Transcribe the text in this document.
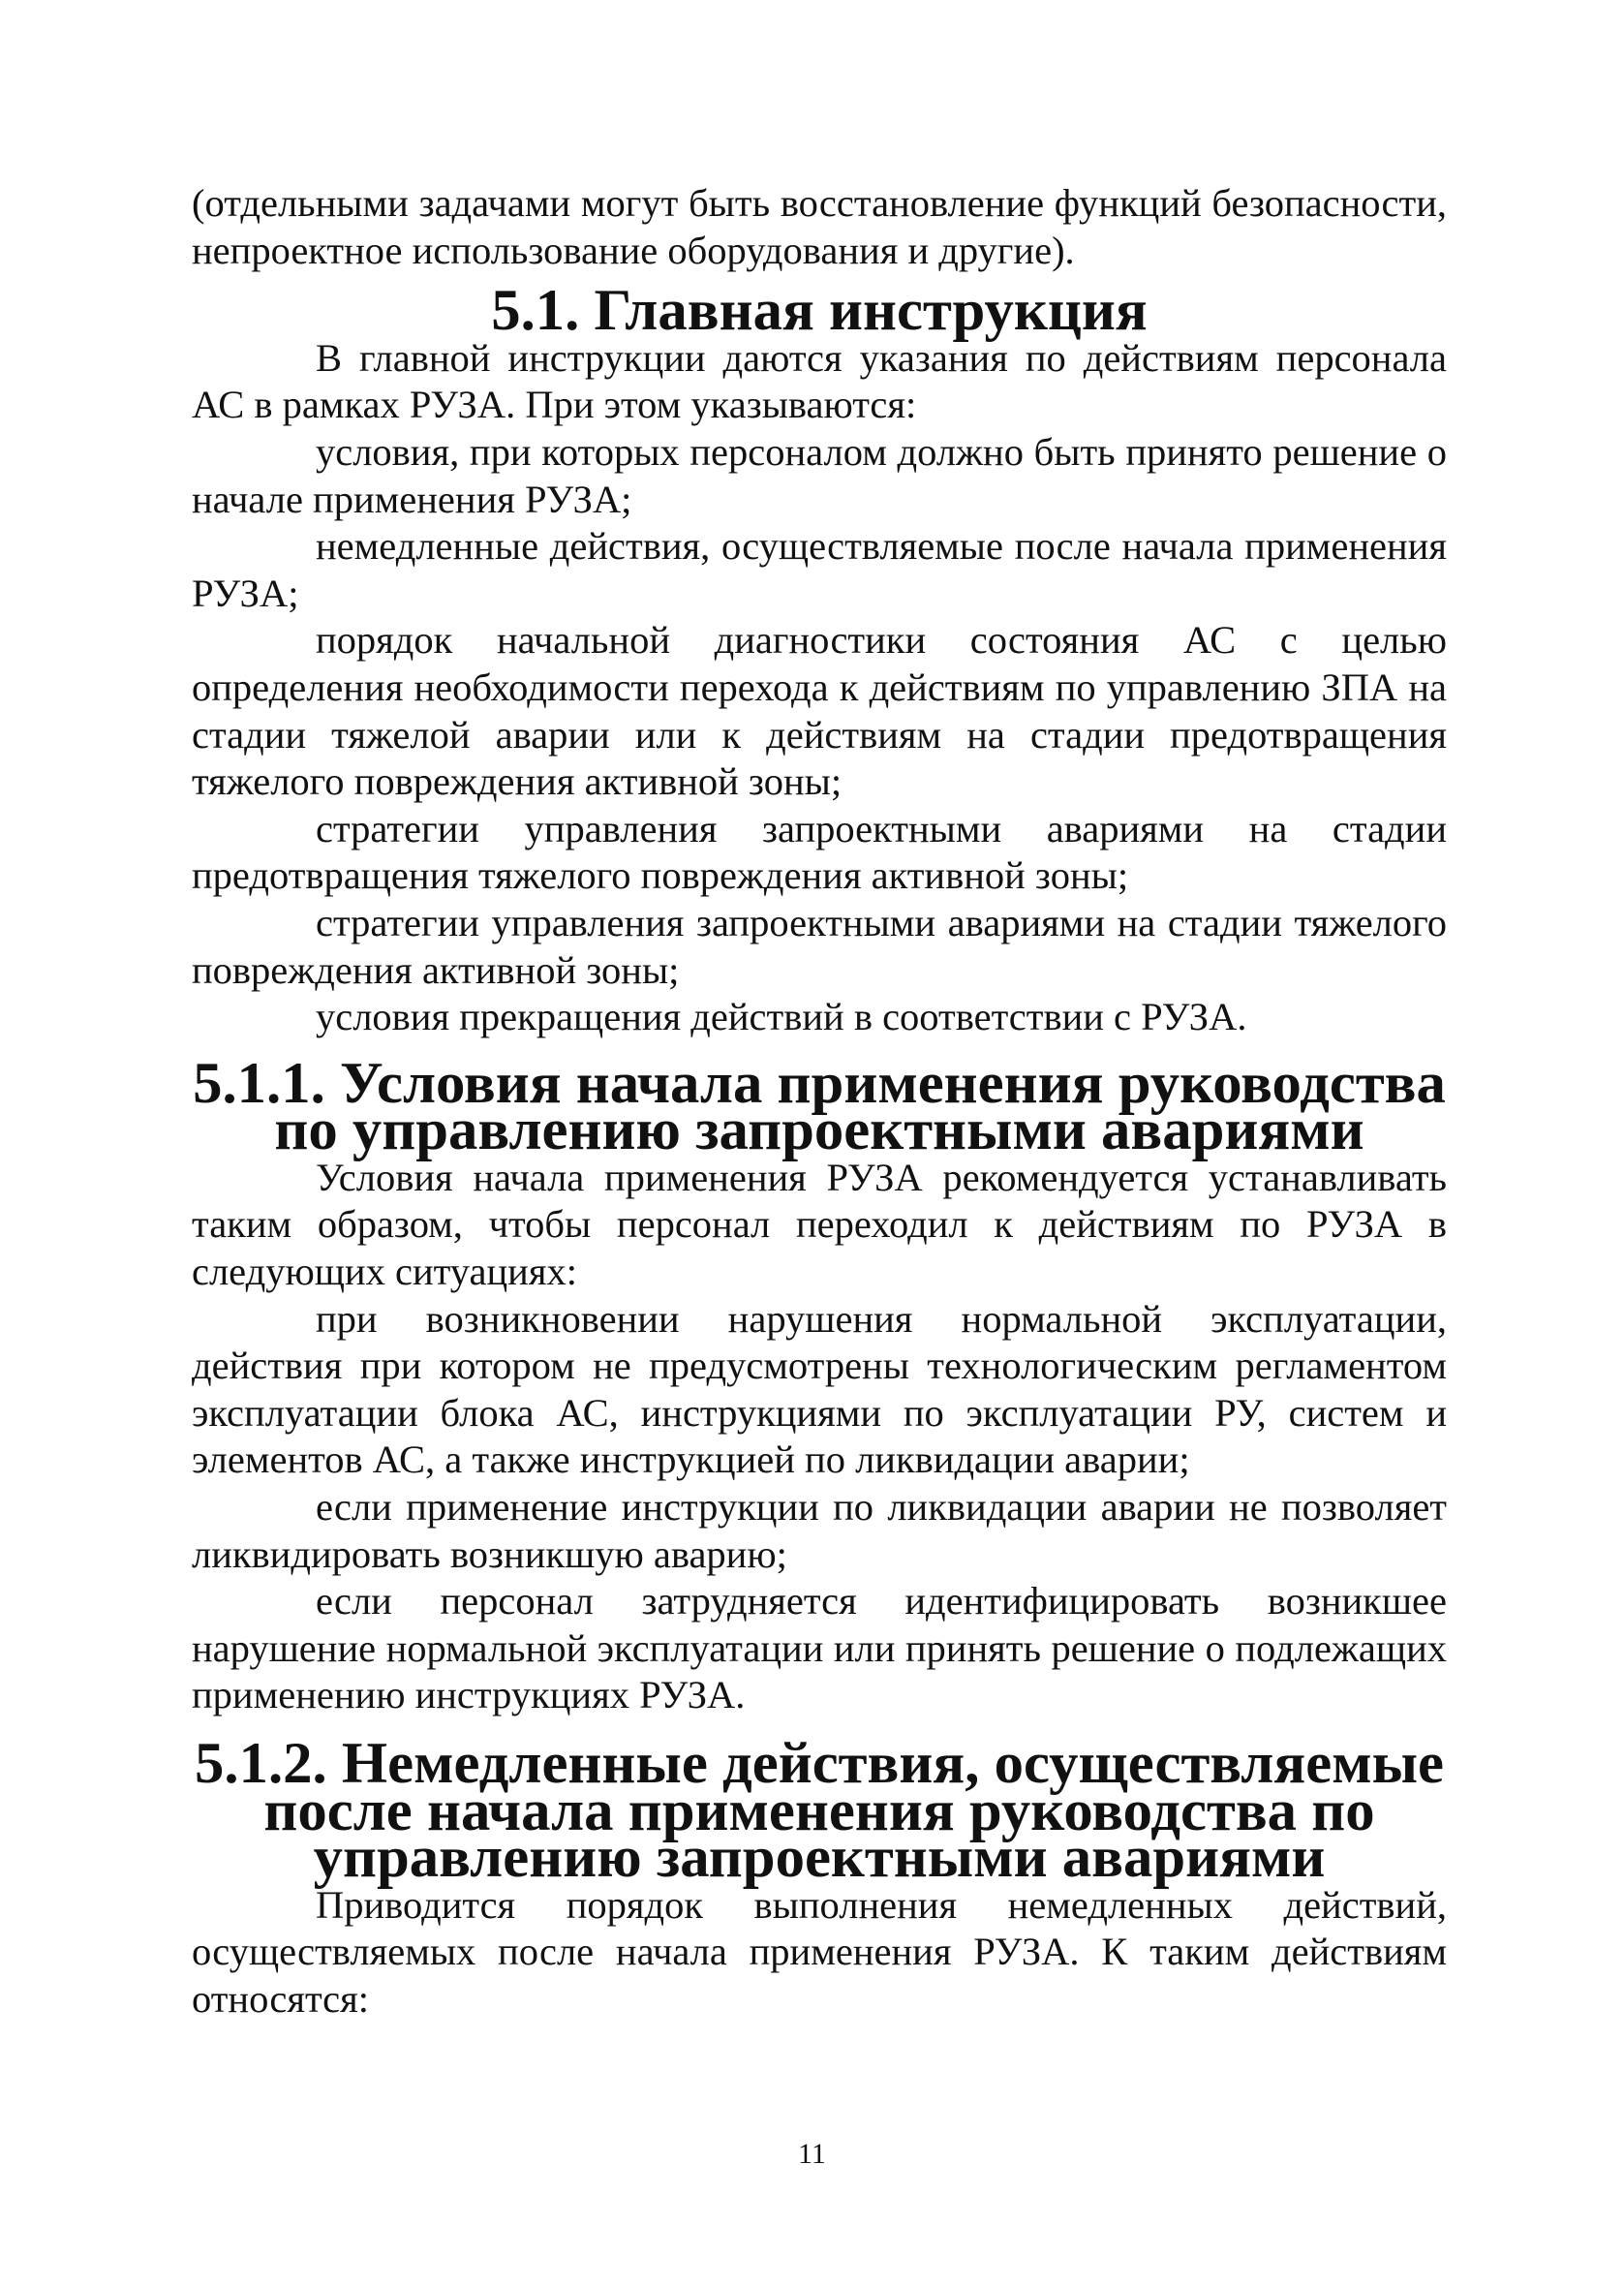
(отдельными задачами могут быть восстановление функций безопасности, непроектное использование оборудования и другие).

5.1. Главная инструкция

В главной инструкции даются указания по действиям персонала АС в рамках РУЗА. При этом указываются:

условия, при которых персоналом должно быть принято решение о начале применения РУЗА;

немедленные действия, осуществляемые после начала применения РУЗА;

порядок начальной диагностики состояния АС с целью определения необходимости перехода к действиям по управлению ЗПА на стадии тяжелой аварии или к действиям на стадии предотвращения тяжелого повреждения активной зоны;

стратегии управления запроектными авариями на стадии предотвращения тяжелого повреждения активной зоны;

стратегии управления запроектными авариями на стадии тяжелого повреждения активной зоны;

условия прекращения действий в соответствии с РУЗА.

5.1.1. Условия начала применения руководства по управлению запроектными авариями

Условия начала применения РУЗА рекомендуется устанавливать таким образом, чтобы персонал переходил к действиям по РУЗА в следующих ситуациях:

при возникновении нарушения нормальной эксплуатации, действия при котором не предусмотрены технологическим регламентом эксплуатации блока АС, инструкциями по эксплуатации РУ, систем и элементов АС, а также инструкцией по ликвидации аварии;

если применение инструкции по ликвидации аварии не позволяет ликвидировать возникшую аварию;

если персонал затрудняется идентифицировать возникшее нарушение нормальной эксплуатации или принять решение о подлежащих применению инструкциях РУЗА.

5.1.2. Немедленные действия, осуществляемые после начала применения руководства по управлению запроектными авариями

Приводится порядок выполнения немедленных действий, осуществляемых после начала применения РУЗА. К таким действиям относятся:

11
